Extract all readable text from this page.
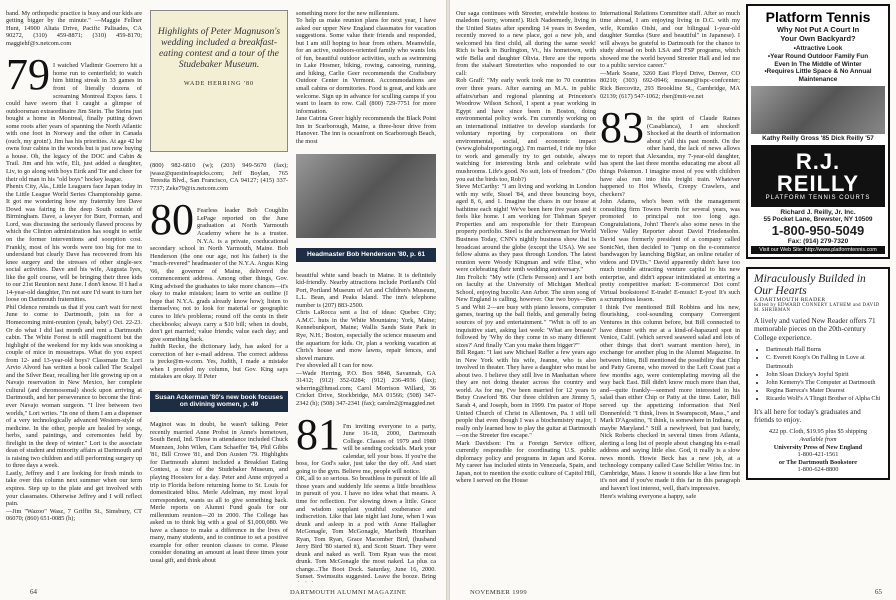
band. My orthopedic practice is busy and our kids are getting bigger by the minute." —Maggie Fellner Hunt, 14900 Altata Drive, Pacific Palisades, CA 90272, (310) 459-8871; (310) 459-8170; maggiehf@x.netcom.com

79 I watched Vladimir Goerrero hit a home run to centerfield; to watch him hitting streak in 33 games in front of literally dozens of screaming Montreal Expos fans. I could have sworn that I caught a glimpse of outdoorsman extraordinaire Jim Stein. The Steins just bought a home in Montreal, finally putting down some roots after years of spanning the North Atlantic with one foot in Norway and the other in Canada (ouch, my groin!). Jim has his priorities. At age 42 he owns four cabins in the woods but is just now buying a house. Oh, the legacy of the DOC and Cabin & Trail. Jim and his wife, Eli, just added a daughter, Liv, to go along with boys Eirik and Tor and cheer for their old man in his "old boys" hockey league.
Phenix City, Ala., Little Leaguers face Japan today in the Little League World Series Championship game. It got me wondering how my fraternity bro Dave Dowd was fairing in the deep South outside of Birmingham. Dave, a lawyer for Burr, Forman, and Lord, was discussing the seriously flawed process by which the Clinton administration has sought to settle on the former interventions and soorption cost. Frankly, most of his words were too big for me to understand but clearly Dave has recovered from his knee surgery and the stresses of other single-sex social activities. Dave and his wife, Augusta Iyes, like the golf course, will be bringing their three kids to our 21st Reunion next June. I don't know. If I had a 14-year-old daughter, I'm not sure I'd want to turn her loose on Dartmouth fraternities.
Phil Odence reminds us that if you can't wait for next June to come to Dartmouth, join us for a Homecoming mini-reunion (yeah, baby!) Oct. 22-23. Or do what I did last month and rent a Dartmouth cabin. The White Forest is still magnificent but the highlight of the weekend for my kids was snooking a couple of mice in mousetraps. What do you expect from 12- and 13-year-old boys? Classmate Dr. Lori Arvio Alvord has written a book called The Scalpel and the Silver Bear, recalling her life growing up on a Navajo reservation in New Mexico, her complete cultural (and chromosomal) shock upon arriving at Dartmouth, and her perseverance to become the first-ever Navajo woman surgeon. "I live between two worlds," Lori writes. "In one of them I am a dispenser of a very technologically advanced Western-style of medicine. In the other, people are healed by songs, herbs, sand paintings, and ceremonies held by firelight in the deep of winter." Lori is the associate dean of student and minority affairs at Dartmouth and is raising two children and still performing surgery up to three days a week.
Lastly, Jeffrey and I are looking for fresh minds to take over this column next summer when our term expires. Step up to the plate and get involved with your classmates. Otherwise Jeffrey and I will reflect pain.
—Jim "Wazoo" Wasz, 7 Griffin St., Simsbury, CT 06070; (860) 651-0085 (h);

Highlights of Peter Magnuson's wedding included a breakfast-eating contest and a tour of the Studebaker Museum.

WADE HERRING '80

(800) 982-6810 (w); (203) 949-5670 (fax); jwasz@questinfoapicks.com; Jeff Boylan, 765 Teresita Blvd., San Francisco, CA 94127; (415) 337-7737; Zeke79@ix.netcom.com

80 Fearless leader Bob Coughlin LePage reported on the June graduation at North Yarmouth Academy where he is a trustee. N.Y.A. is a private, coeducational secondary school in North Yarmouth, Maine. Bob Henderson (the one our age, not his father) is the "much-revered" headmaster of the N.Y.A. Angus King '66, the governor of Maine, delivered the commencement address. Among other things, Gov. King advised the graduates to take more chances—it's okay to make mistakes; learn to write an outline (I hope that N.Y.A. grads already know how); listen to themselves; not to look for material or geographic cures to life's problems; round off the cents in their checkbooks; always carry a $10 bill; when in doubt, don't get married; value friends; value each day; and give something back.
Judith Recke, the dictionary lady, has asked for a correction of her e-mail address. The correct address is jrecke@m-w.com. Yes, Judith, I made a mistake when I proofed my column, but Gov. King says mistakes are okay. If Peter

Susan Ackerman '80's new book focuses on divining women, p. 49

Maginot was in doubt, he wasn't talking. Peter recently married Anne Probst in Anne's hometown, South Bend, Ind. Those in attendance included Chuck Muenzen, John Wilen, Cam Schaeffer '84, Phil Gibbs '81, Bill Crowe '81, and Don Austen '79. Highlights for Dartmouth alumni included a Breakfast Eating Contest, a tour of the Studebaker Museum, and playing Hoosiers for a day. Peter and Anne enjoyed a trip to Florida before returning home to St. Louis for domesticated bliss. Merle Adelman, my most loyal correspondent, wants us all to give something back. Merle reports on Alumni Fund goals for our millennium reunion—20 in 2000. The College has asked us to think big with a goal of $1,000,080. We have a chance to make a difference in the lives of many, many students, and to continue to set a positive example for other reunion classes to come. Please consider donating an amount at least three times your usual gift, and think about

something more for the new millennium.
To help us make reunion plans for next year, I have asked our upper New England classmates for vacation suggestions. Some value their friends and responded, but I am still hoping to hear from others. Meanwhile, for an active, outdoors-oriented family who wants lots of fun, beautiful outdoor activities, such as swimming in Lake Hosmer, biking, rowing, canoeing, running, and hiking, Carlie Geer recommends the Craftsbury Outdoor Center in Vermont. Accommodations are small cabins or dormitories. Food is great, and kids are welcome. Sign up in advance for sculling camps if you want to learn to row. Call (800) 729-7751 for more information.
Jane Catrina Greer highly recommends the Black Point Inn in Scarborough, Maine, a three-hour drive from Hanover. The inn is oceanfront on Scarborough Beach, the most

Headmaster Bob Henderson '80, p. 61

beautiful white sand beach in Maine. It is definitely kid-friendly. Nearby attractions include Portland's Old Port, Portland Museum of Art and Children's Museum, L.L. Bean, and Peaks Island. The inn's telephone number is (207) 883-2500.
Chris LaRocca sent a list of ideas: Quebec City; A.M.C. huts in the White Mountains; York, Maine; Kennebunkport, Maine; Wallis Sands State Park in Rye, N.H.; Boston, especially the science museum and the aquarium for kids. Or, plan a working vacation at Chris's house and mow lawns, repair fences, and shovel manure.
I've shoveled all I can for now.
—Wade Herring, P.O. Box 9848, Savannah, GA 31412; (912) 352-0284; (912) 236-4936 (fax); wherring@hmsd.com; Carol Morrison Willard, 36 Cricket Drive, Stockbridge, MA 01566; (508) 347-2342 (h); (508) 347-2341 (fax); carolm2@maggied.net

81 I'm inviting everyone to a party, June 16-18, 2000, Dartmouth College. Classes of 1979 and 1980 will be sending cocktails. Mark your calendar, tell your boss. If you're the boss, for God's sake, just take the day off. And start going to the gym. Believe me, people will notice.
OK, all to so serious. So breathless in pursuit of life all those years and suddenly life seems a little breathless in pursuit of you. I have no idea what that means. A time for reflection. For slowing down a little. Grace and wisdom supplant youthful exuberance and indiscretion. Like that late night last June, when I was drunk and asleep in a pod with Anne Hallagher McGonagle, Tom McGonagle, Maribeth Hourihan Ryan, Tom Ryan, Grace Macomber Bird, (husband Jerry Bird '80 started it), and Scott Stuart. They were drunk and naked as well. Tom Ryan was the most drunk. Tom McGonagle the most naked. La plus ca change...The Boot Dock. Saturday, June 16, 2000. Sunset. Swimsuits suggested. Leave the booze. Bring

64	DARTMOUTH ALUMNI MAGAZINE

Our saga continues with Streeter, erstwhile hostess to maledom (sorry, women!). Rich Nadeemedy, living in the United States after spending 14 years in Sweden, recently moved to a new place, got a new job, and welcomed his first child, all during the same week! Rich is back in Burlington, Vt., his hometown, with wife Bella and daughter Olivia. Here are the reports from the stalwart Streeterites who responded to our call:
Rob Graff: "My early work took me to 70 countries over three years. After earning an M.A. in public affairs/urban and regional planning at Princeton's Woodrow Wilson School, I spent a year working in Egypt and have since been in Boston, doing environmental policy work. I'm currently working on an international initiative to develop standards for voluntary reporting by corporations on their environmental, social, and economic impact (www.globalreporting.org). I'm married, I ride my bike to work and generally try to get outside, always watching for interesting birds and celebrate wild mushrooms. Life's good. No suit, lots of freedom." (Do you eat the birds too, Rob?)
Steve McCarthy: "I am living and working in London with my wife, Sissel '84, and three bouncing boys, aged 8, 6, and 1. Imagine the chaos in our house at bathtime each night! We've been here five years and it feels like home. I am working for Tishman Speyer Properties and am responsible for their European property portfolio. Steel is the anchorwoman for World Business Today, CNN's nightly business show that is broadcast around the globe (except the USA). We see fellow alums as they pass through London. The latest reunion were Woody Kingman and wife Elise, who were celebrating their tenth wedding anniversary."
Jim Frolich: "My wife (Chris Persson) and I are both on faculty at the University of Michigan Medical School, enjoying bucolic Ann Arbor. The siren song of New England is calling, however. Our two boys—Ben 5 and Whit 2—are busy with piano lessons, computer games, tearing up the ball fields, and generally being sources of joy and entertainment." "Whit is off to an inquisitive start, asking last week: 'What are breasts?' followed by 'Why do they come in so many different sizes?' And finally 'Can you make them bigger?'"
Bill Regan: "I last saw Michael Raffer a few years ago in New York with his wife, Jeanne, who is also involved in theater. They have a daughter who must be about two. I believe they still live in Manhattan where they are not doing theater across the country and world. As for me, I've been married for 12 years to Betsy Crawford '86. Our three children are Jimmy 5, Sarah 4, and Joseph, born in 1999. I'm pastor of Hope United Church of Christ in Allentown, Pa. I still tell people that even though I was a biochemistry major, I really only learned how to play the guitar at Dartmouth—on the Streeter fire escape."
Mark Davidson: I'm a Foreign Service officer, currently responsible for coordinating U.S. public diplomacy policy and programs in Japan and Korea. My career has included stints in Venezuela, Spain, and Japan, not to mention the exotic culture of Capitol Hill, where I served on the House

International Relations Committee staff. After so much time abroad, I am enjoying living in D.C. with my wife, Kumiko Oishi, and our bilingual 1-year-old daughter Sumika (Sure and beautiful" in Japanese). I will always be grateful to Dartmouth for the chance to study abroad on both LSA and FSP programs, which showed me the world beyond Streeter Hall and led me to a public service career."
—Mark Soane, 3260 East Floyd Drive, Denver, CO 80210; (303) 692-0946; msoane@ispc-confcenter; Rick Bercovitz, 293 Brookline St., Cambridge, MA 02139; (617) 547-1062; rber@mit-ve.net

83 In the spirit of Claude Raines (Casablanca), I am shocked! Shocked at the dearth of information about y'all this past month. On the other hand, the lack of news allows me to report that Alexandra, my 7-year-old daughter, has spent the last three months educating me about all things Pokemon. I imagine most of you with children have also run into this freight train. Whatever happened to Hot Wheels, Creepy Crawlers, and checkers?
John Adams, who's been with the management consulting firm Towers Perrin for several years, was promoted to principal not too long ago. Congratulations, John! There's also some news in the Yellow Valley Reporter about David Friedensohn. David was formerly president of a company called SonicNet, then decided to "jump on the e-commerce bandwagon by launching BigStar, an online retailer of videos and DVDs." David apparently didn't have too much trouble attracting venture capital to his new enterprise, and didn't appear intimidated at entering a pretty competitive market: E-commerce! Dot com! Virtual bookstores! E-trade! E-music! E-you! It's such a scrumptious lesson.
I think I've mentioned Bill Robbins and his new, flourishing, cool-sounding company Convergent Ventures in this column before, but Bill connected to have dinner with me at a kind-of-hapazard spot in Venice, Calif. (which served seaweed salad and lots of other things that don't warrant mention here), in exchange for another plug in the Alumni Magazine. In between bites, Bill mentioned the possibility that Chip and Patty Greene, who moved to the Left Coast just a few months ago, were contemplating moving all the way back East. Bill didn't know much more than that, and—quite frankly—seemed more interested in his salad than either Chip or Patty at the time. Later, Bill served up the appetizing information that Neil Donnenfeld: "I think, lives in Swampscott, Mass.," and Mark D'Agostino, "I think, is somewhere in Indiana, or maybe Maryland." Still a newlywed, but just barely, Nick Roberts checked in several times from Atlanta, alerting a long list of people about changing his e-mail address and saying little else. God, it really is a slow news month. Howie Beck has a new job, at a technology company called Case Schiller Weiss Inc. in Cambridge, Mass. I know it sounds like a law firm but it's not and if you've made it this far in this paragraph and haven't lost interest, well, that's impressive.
Here's wishing everyone a happy, safe

Platform Tennis
Why Not Put A Court In
Your Own Backyard?
•Attractive Look
•Year Round Outdoor Family Fun
Even In The Middle of Winter
•Requires Little Space & No Annual Maintenance
Kathy Reilly Gross '85 Dick Reilly '57
R.J. REILLY
PLATFORM TENNIS COURTS
Richard J. Reilly, Jr. Inc.
55 Pocket Lane, Brewster, NY 10509
1-800-950-5049
Fax: (914) 279-7320
Visit our Web Site: http://www.platformtennis.com
Miraculously Builded in Our Hearts
A DARTMOUTH READER
Edited by EDWARD CONNERY LATHEM and DAVID M. SHRIBMAN

A lively and varied New Reader offers 71 memorable pieces on the 20th-century College experience.

• Dartmouth Hall Burns
• C. Everett Koop's On Falling in Love at Dartmouth
• John Sloan Dickey's Joyful Spirit
• John Kemeny's The Computer at Dartmouth
• Regina Barreca's Mater Dearest
• Ricardo Wolf's A Tlingit Brother of Alpha Chi

It's all here for today's graduates and friends to enjoy.

422 pp. Cloth, $19.95 plus $5 shipping
Available from
University Press of New England
1-800-421-1561
or The Dartmouth Bookstore
1-800-624-8800
NOVEMBER 1999	65
